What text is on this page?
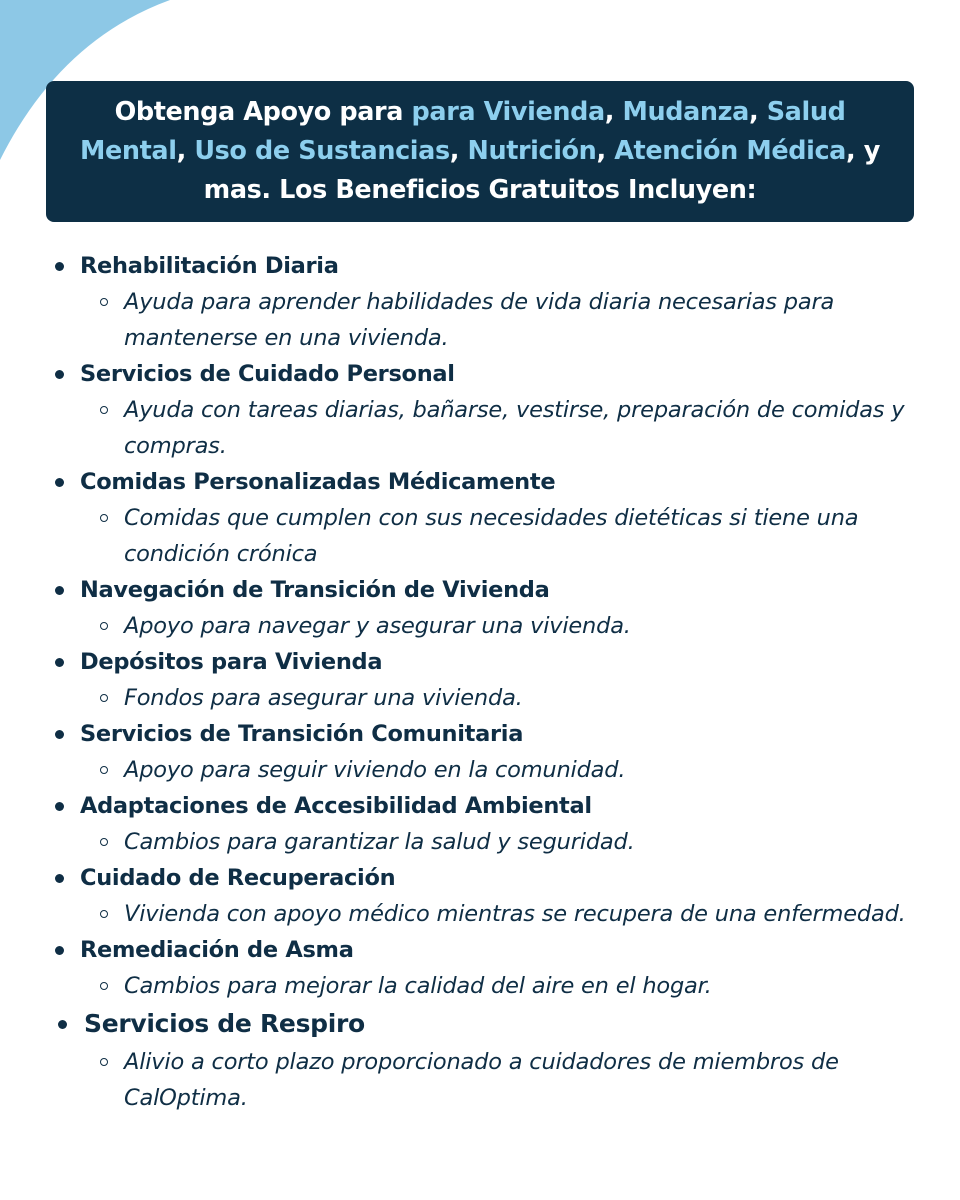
Obtenga Apoyo para para Vivienda, Mudanza, Salud Mental, Uso de Sustancias, Nutrición, Atención Médica, y mas. Los Beneficios Gratuitos Incluyen:

Rehabilitación Diaria

Ayuda para aprender habilidades de vida diaria necesarias para mantenerse en una vivienda.

Servicios de Cuidado Personal

Ayuda con tareas diarias, bañarse, vestirse, preparación de comidas y compras.

Comidas Personalizadas Médicamente

Comidas que cumplen con sus necesidades dietéticas si tiene una condición crónica

Navegación de Transición de Vivienda

Apoyo para navegar y asegurar una vivienda.

Depósitos para Vivienda

Fondos para asegurar una vivienda.

Servicios de Transición Comunitaria

Apoyo para seguir viviendo en la comunidad.

Adaptaciones de Accesibilidad Ambiental

Cambios para garantizar la salud y seguridad.

Cuidado de Recuperación

Vivienda con apoyo médico mientras se recupera de una enfermedad.

Remediación de Asma

Cambios para mejorar la calidad del aire en el hogar.

Servicios de Respiro

Alivio a corto plazo proporcionado a cuidadores de miembros de CalOptima.
